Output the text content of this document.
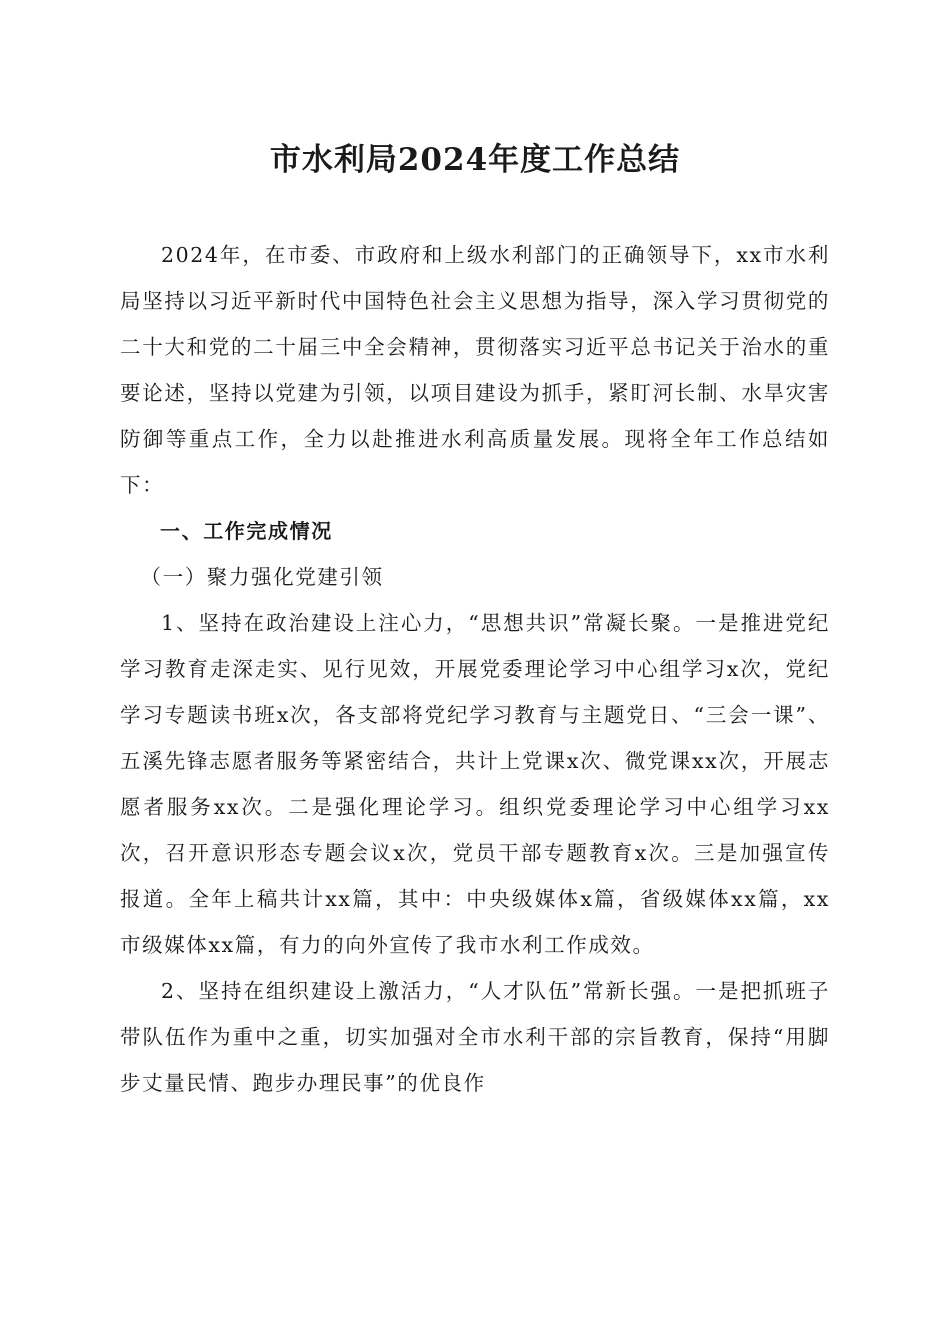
市水利局2024年度工作总结

2024年，在市委、市政府和上级水利部门的正确领导下，xx市水利局坚持以习近平新时代中国特色社会主义思想为指导，深入学习贯彻党的二十大和党的二十届三中全会精神，贯彻落实习近平总书记关于治水的重要论述，坚持以党建为引领，以项目建设为抓手，紧盯河长制、水旱灾害防御等重点工作，全力以赴推进水利高质量发展。现将全年工作总结如下：

一、工作完成情况

（一）聚力强化党建引领

1、坚持在政治建设上注心力，“思想共识”常凝长聚。一是推进党纪学习教育走深走实、见行见效，开展党委理论学习中心组学习x次，党纪学习专题读书班x次，各支部将党纪学习教育与主题党日、“三会一课”、五溪先锋志愿者服务等紧密结合，共计上党课x次、微党课xx次，开展志愿者服务xx次。二是强化理论学习。组织党委理论学习中心组学习xx次，召开意识形态专题会议x次，党员干部专题教育x次。三是加强宣传报道。全年上稿共计xx篇，其中：中央级媒体x篇，省级媒体xx篇，xx市级媒体xx篇，有力的向外宣传了我市水利工作成效。

2、坚持在组织建设上激活力，“人才队伍”常新长强。一是把抓班子带队伍作为重中之重，切实加强对全市水利干部的宗旨教育，保持“用脚步丈量民情、跑步办理民事”的优良作
